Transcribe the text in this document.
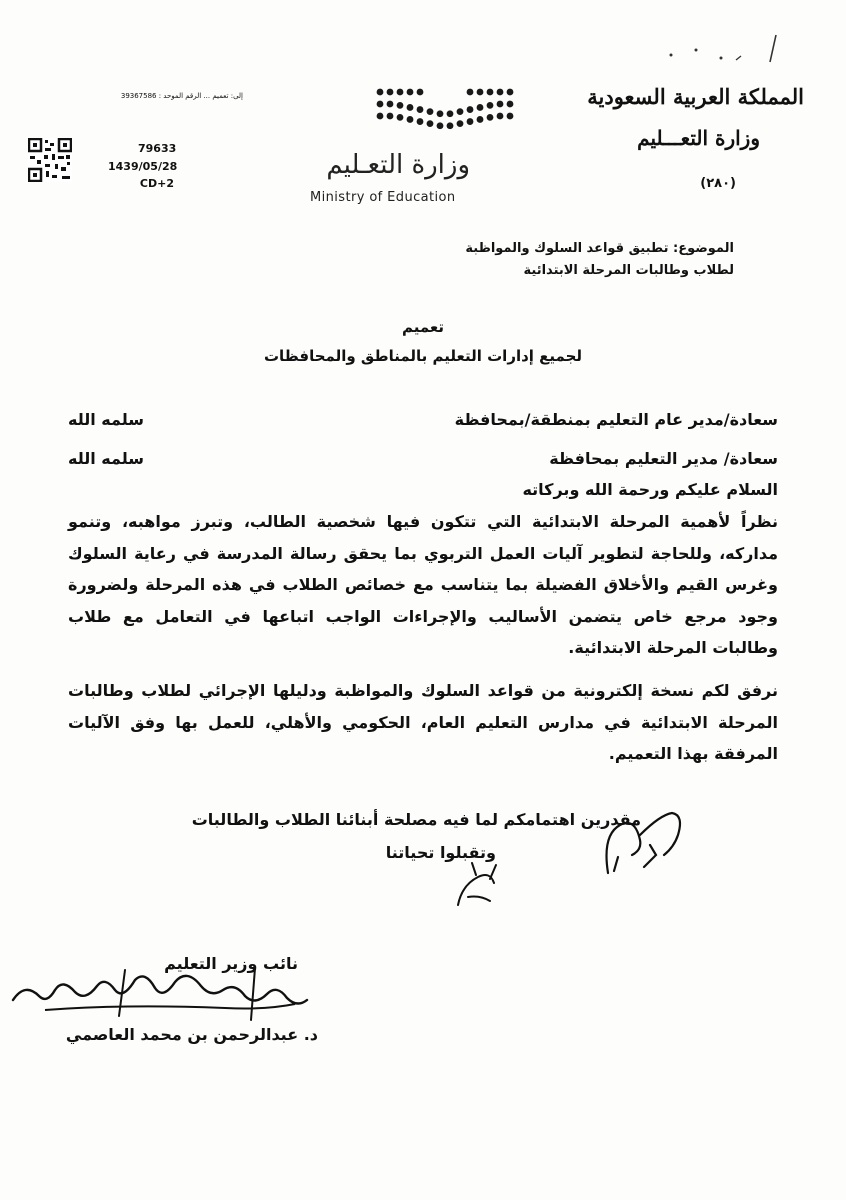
المملكة العربية السعودية
وزارة التعـــليم
(٢٨٠)
وزارة التعـليم
Ministry of Education
إلى: تعميم ... الرقم الموحد : 39367586
79633
1439/05/28
CD+2
الموضوع: تطبيق قواعد السلوك والمواظبة
لطلاب وطالبات المرحلة الابتدائية
تعميم
لجميع إدارات التعليم بالمناطق والمحافظات
سعادة/مدير عام التعليم بمنطقة/بمحافظة
سلمه الله
سعادة/ مدير التعليم بمحافظة
سلمه الله
السلام عليكم ورحمة الله وبركاته
نظراً لأهمية المرحلة الابتدائية التي تتكون فيها شخصية الطالب، وتبرز مواهبه، وتنمو مداركه، وللحاجة لتطوير آليات العمل التربوي بما يحقق رسالة المدرسة في رعاية السلوك وغرس القيم والأخلاق الفضيلة بما يتناسب مع خصائص الطلاب في هذه المرحلة ولضرورة وجود مرجع خاص يتضمن الأساليب والإجراءات الواجب اتباعها في التعامل مع طلاب وطالبات المرحلة الابتدائية.
نرفق لكم نسخة إلكترونية من قواعد السلوك والمواظبة ودليلها الإجرائي لطلاب وطالبات المرحلة الابتدائية في مدارس التعليم العام، الحكومي والأهلي، للعمل بها وفق الآليات المرفقة بهذا التعميم.
مقدرين اهتمامكم لما فيه مصلحة أبنائنا الطلاب والطالبات
وتقبلوا تحياتنا
نائب وزير التعليم
د. عبدالرحمن بن محمد العاصمي
